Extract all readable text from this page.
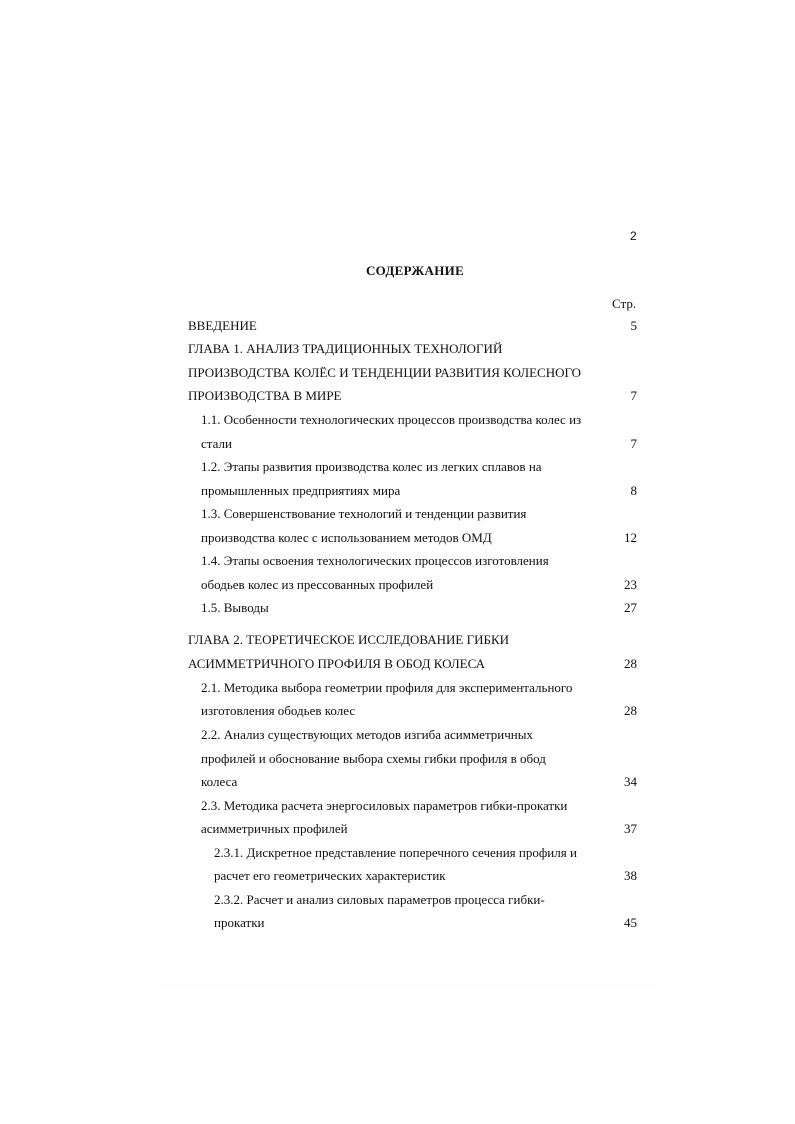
2
СОДЕРЖАНИЕ
Стр.
ВВЕДЕНИЕ	5
ГЛАВА 1. АНАЛИЗ ТРАДИЦИОННЫХ ТЕХНОЛОГИЙ
ПРОИЗВОДСТВА КОЛЁС И ТЕНДЕНЦИИ РАЗВИТИЯ КОЛЕСНОГО
ПРОИЗВОДСТВА В МИРЕ	7
1.1. Особенности технологических процессов производства колес из
стали	7
1.2. Этапы развития производства колес из легких сплавов на
промышленных предприятиях мира	8
1.3. Совершенствование технологий и тенденции развития
производства колес с использованием методов ОМД	12
1.4. Этапы освоения технологических процессов изготовления
ободьев колес из прессованных профилей	23
1.5. Выводы	27
ГЛАВА 2. ТЕОРЕТИЧЕСКОЕ ИССЛЕДОВАНИЕ ГИБКИ
АСИММЕТРИЧНОГО ПРОФИЛЯ В ОБОД КОЛЕСА	28
2.1. Методика выбора геометрии профиля для экспериментального
изготовления ободьев колес	28
2.2. Анализ существующих методов изгиба асимметричных
профилей и обоснование выбора схемы гибки профиля в обод
колеса	34
2.3. Методика расчета энергосиловых параметров гибки-прокатки
асимметричных профилей	37
2.3.1. Дискретное представление поперечного сечения профиля и
расчет его геометрических характеристик	38
2.3.2. Расчет и анализ силовых параметров процесса гибки-
прокатки	45
